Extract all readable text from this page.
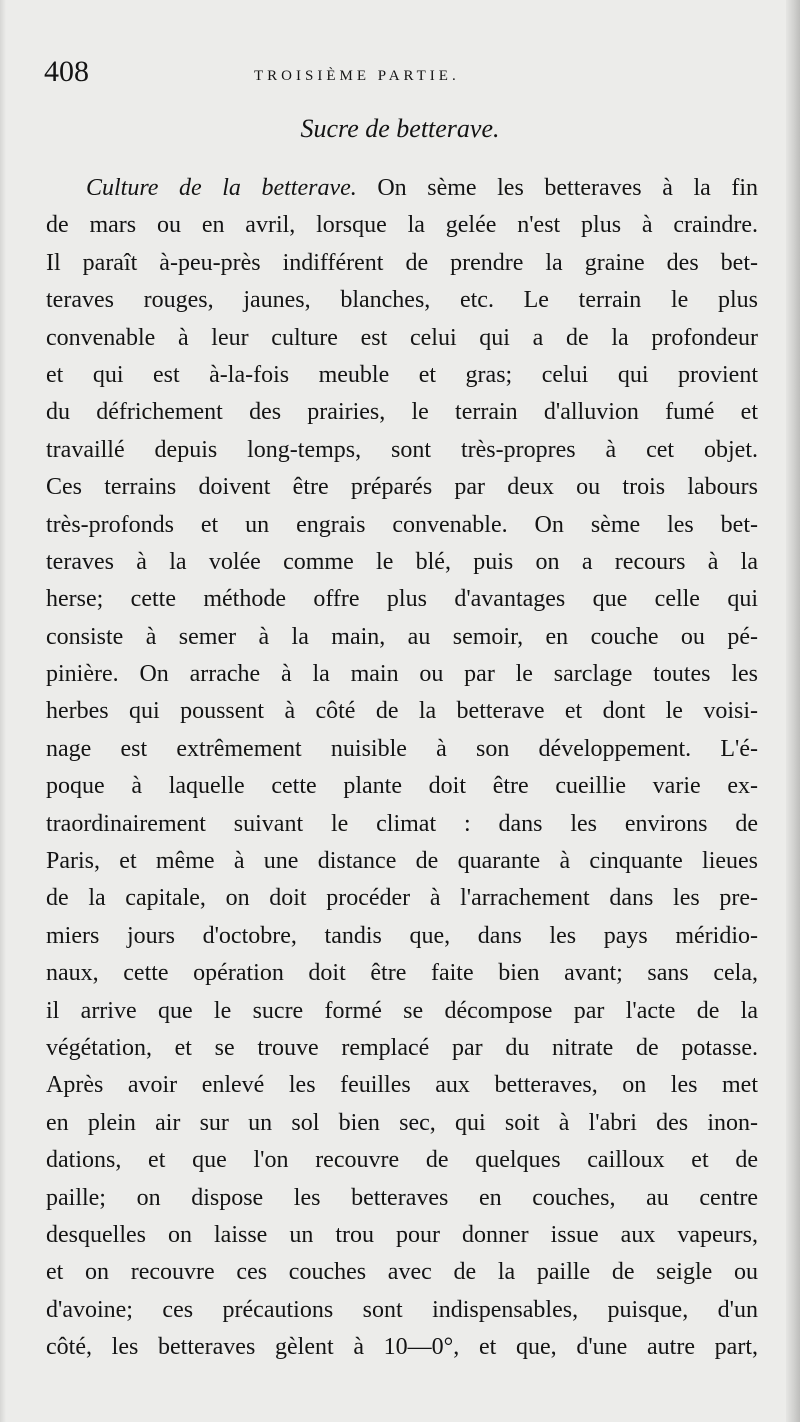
408	TROISIÈME PARTIE.
Sucre de betterave.
Culture de la betterave. On sème les betteraves à la fin
de mars ou en avril, lorsque la gelée n'est plus à craindre.
Il paraît à-peu-près indifférent de prendre la graine des bet-
teraves rouges, jaunes, blanches, etc. Le terrain le plus
convenable à leur culture est celui qui a de la profondeur
et qui est à-la-fois meuble et gras; celui qui provient
du défrichement des prairies, le terrain d'alluvion fumé et
travaillé depuis long-temps, sont très-propres à cet objet.
Ces terrains doivent être préparés par deux ou trois labours
très-profonds et un engrais convenable. On sème les bet-
teraves à la volée comme le blé, puis on a recours à la
herse; cette méthode offre plus d'avantages que celle qui
consiste à semer à la main, au semoir, en couche ou pé-
pinière. On arrache à la main ou par le sarclage toutes les
herbes qui poussent à côté de la betterave et dont le voisi-
nage est extrêmement nuisible à son développement. L'é-
poque à laquelle cette plante doit être cueillie varie ex-
traordinairement suivant le climat : dans les environs de
Paris, et même à une distance de quarante à cinquante lieues
de la capitale, on doit procéder à l'arrachement dans les pre-
miers jours d'octobre, tandis que, dans les pays méridio-
naux, cette opération doit être faite bien avant; sans cela,
il arrive que le sucre formé se décompose par l'acte de la
végétation, et se trouve remplacé par du nitrate de potasse.
Après avoir enlevé les feuilles aux betteraves, on les met
en plein air sur un sol bien sec, qui soit à l'abri des inon-
dations, et que l'on recouvre de quelques cailloux et de
paille; on dispose les betteraves en couches, au centre
desquelles on laisse un trou pour donner issue aux vapeurs,
et on recouvre ces couches avec de la paille de seigle ou
d'avoine; ces précautions sont indispensables, puisque, d'un
côté, les betteraves gèlent à 10—0°, et que, d'une autre part,
